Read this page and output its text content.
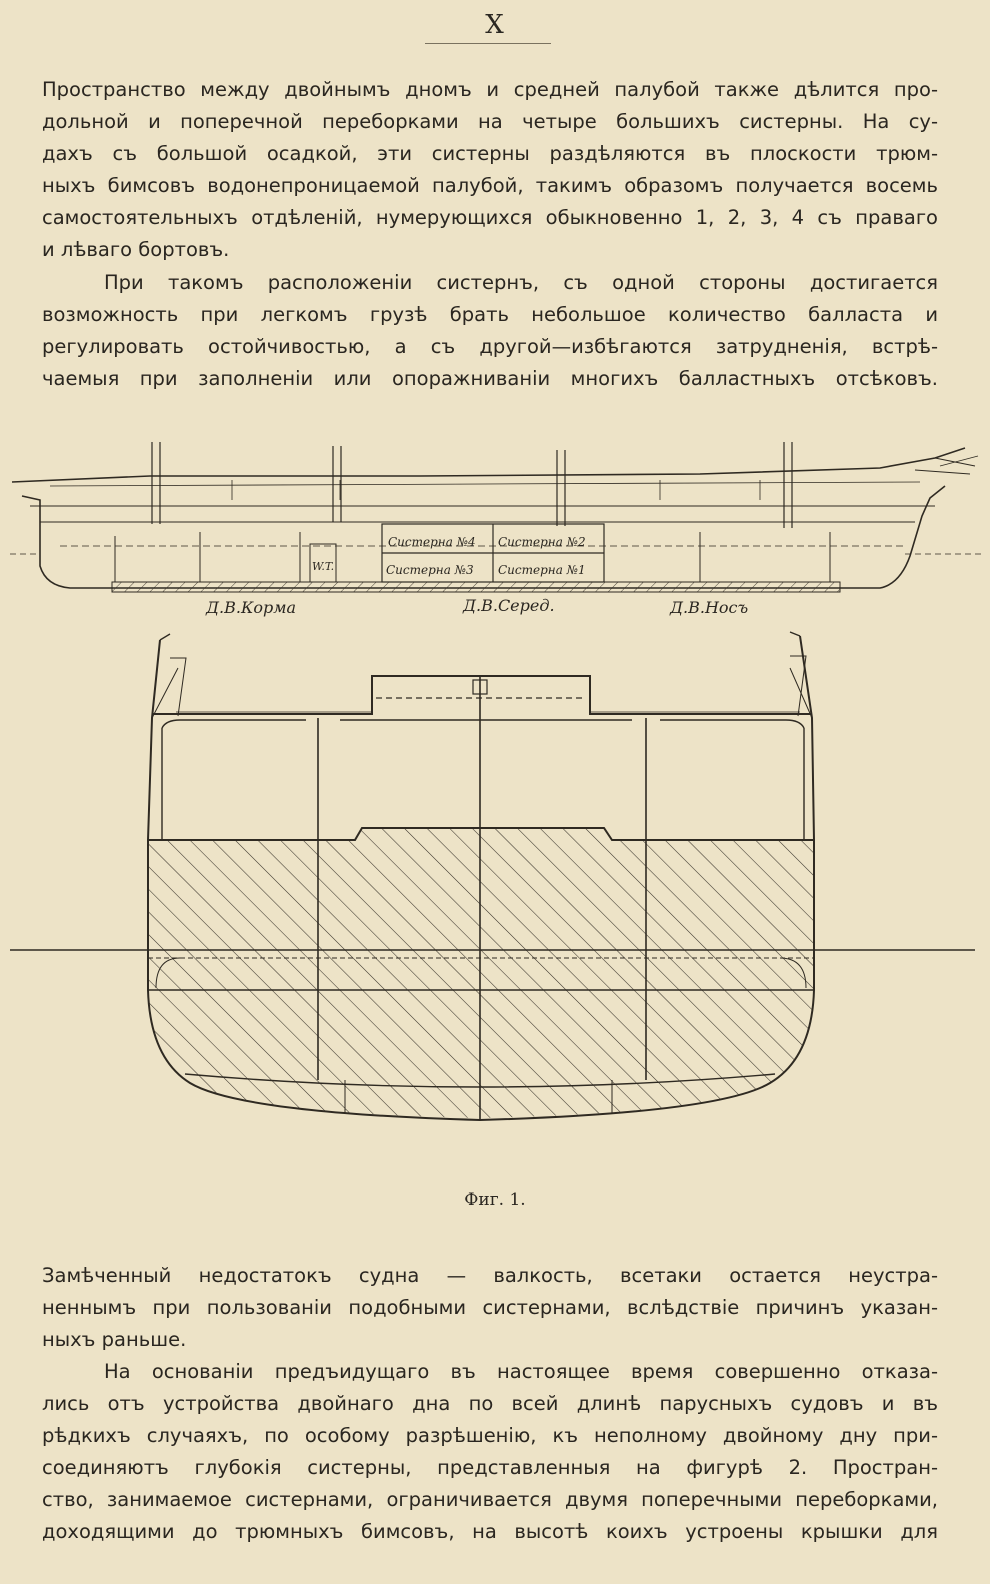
X
Пространство между двойнымъ дномъ и средней палубой также дѣлится про-
дольной и поперечной переборками на четыре большихъ систерны. На су-
дахъ съ большой осадкой, эти систерны раздѣляются въ плоскости трюм-
ныхъ бимсовъ водонепроницаемой палубой, такимъ образомъ получается восемь
самостоятельныхъ отдѣленій, нумерующихся обыкновенно 1, 2, 3, 4 съ праваго
и лѣваго бортовъ.
При такомъ расположеніи систернъ, съ одной стороны достигается
возможность при легкомъ грузѣ брать небольшое количество балласта и
регулировать остойчивостью, а съ другой—избѣгаются затрудненія, встрѣ-
чаемыя при заполненіи или опоражниваніи многихъ балластныхъ отсѣковъ.
Систерна №4 Систерна №2
Систерна №3 Систерна №1
W.T.
Д.В.Корма	Д.В.Серед.	Д.В.Носъ
Фиг. 1.
Замѣченный недостатокъ судна — валкость, всетаки остается неустра-
неннымъ при пользованіи подобными систернами, вслѣдствіе причинъ указан-
ныхъ раньше.
На основаніи предъидущаго въ настоящее время совершенно отказа-
лись отъ устройства двойнаго дна по всей длинѣ парусныхъ судовъ и въ
рѣдкихъ случаяхъ, по особому разрѣшенію, къ неполному двойному дну при-
соединяютъ глубокія систерны, представленныя на фигурѣ 2. Простран-
ство, занимаемое систернами, ограничивается двумя поперечными переборками,
доходящими до трюмныхъ бимсовъ, на высотѣ коихъ устроены крышки для
